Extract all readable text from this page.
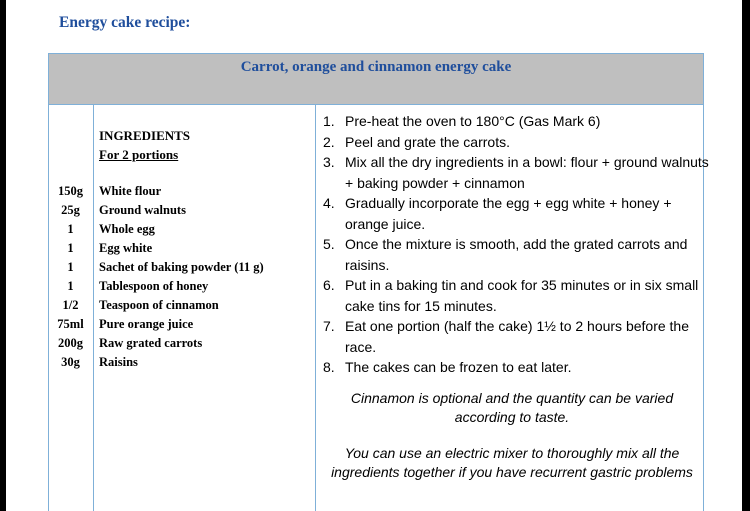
Energy cake recipe:
Carrot, orange and cinnamon energy cake
INGREDIENTS
For 2 portions
150g	White flour
25g	Ground walnuts
1	Whole egg
1	Egg white
1	Sachet of baking powder (11 g)
1	Tablespoon of honey
1/2	Teaspoon of cinnamon
75ml	Pure orange juice
200g	Raw grated carrots
30g	Raisins
1. Pre-heat the oven to 180°C (Gas Mark 6)
2. Peel and grate the carrots.
3. Mix all the dry ingredients in a bowl: flour + ground walnuts + baking powder + cinnamon
4. Gradually incorporate the egg + egg white + honey + orange juice.
5. Once the mixture is smooth, add the grated carrots and raisins.
6. Put in a baking tin and cook for 35 minutes or in six small cake tins for 15 minutes.
7. Eat one portion (half the cake) 1½ to 2 hours before the race.
8. The cakes can be frozen to eat later.

Cinnamon is optional and the quantity can be varied according to taste.

You can use an electric mixer to thoroughly mix all the ingredients together if you have recurrent gastric problems
